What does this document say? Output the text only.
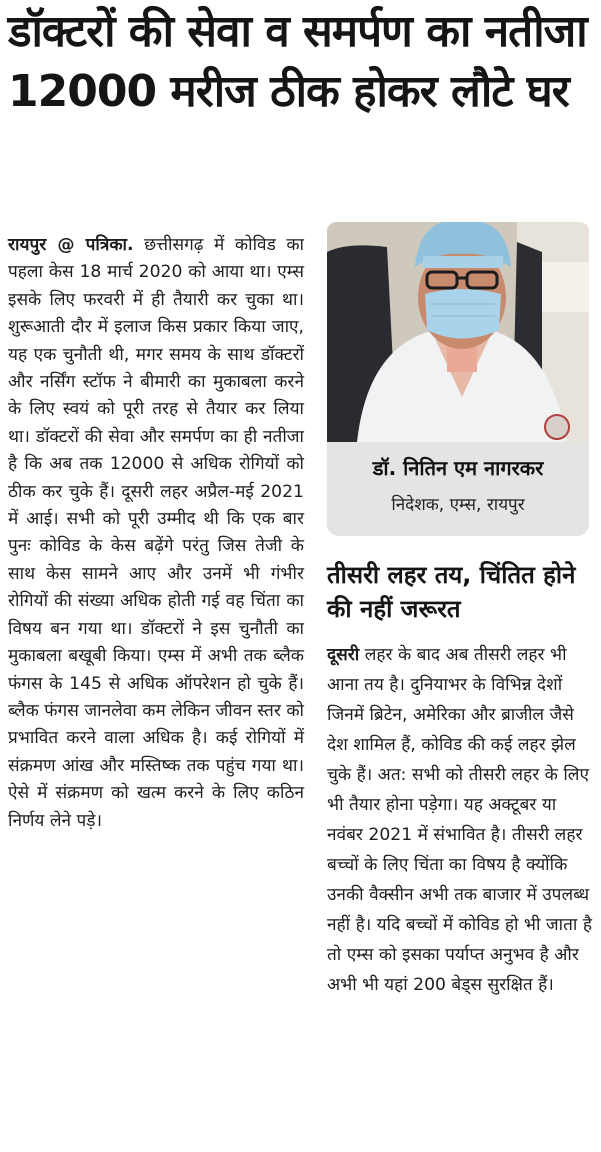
डॉक्टरों की सेवा व समर्पण का नतीजा 12000 मरीज ठीक होकर लौटे घर
रायपुर @ पत्रिका. छत्तीसगढ़ में कोविड का पहला केस 18 मार्च 2020 को आया था। एम्स इसके लिए फरवरी में ही तैयारी कर चुका था। शुरूआती दौर में इलाज किस प्रकार किया जाए, यह एक चुनौती थी, मगर समय के साथ डॉक्टरों और नर्सिंग स्टॉफ ने बीमारी का मुकाबला करने के लिए स्वयं को पूरी तरह से तैयार कर लिया था। डॉक्टरों की सेवा और समर्पण का ही नतीजा है कि अब तक 12000 से अधिक रोगियों को ठीक कर चुके हैं। दूसरी लहर अप्रैल-मई 2021 में आई। सभी को पूरी उम्मीद थी कि एक बार पुनः कोविड के केस बढ़ेंगे परंतु जिस तेजी के साथ केस सामने आए और उनमें भी गंभीर रोगियों की संख्या अधिक होती गई वह चिंता का विषय बन गया था। डॉक्टरों ने इस चुनौती का मुकाबला बखूबी किया। एम्स में अभी तक ब्लैक फंगस के 145 से अधिक ऑपरेशन हो चुके हैं। ब्लैक फंगस जानलेवा कम लेकिन जीवन स्तर को प्रभावित करने वाला अधिक है। कई रोगियों में संक्रमण आंख और मस्तिष्क तक पहुंच गया था। ऐसे में संक्रमण को खत्म करने के लिए कठिन निर्णय लेने पड़े।
डॉ. नितिन एम नागरकर
निदेशक, एम्स, रायपुर
तीसरी लहर तय, चिंतित होने की नहीं जरूरत
दूसरी लहर के बाद अब तीसरी लहर भी आना तय है। दुनियाभर के विभिन्न देशों जिनमें ब्रिटेन, अमेरिका और ब्राजील जैसे देश शामिल हैं, कोविड की कई लहर झेल चुके हैं। अत: सभी को तीसरी लहर के लिए भी तैयार होना पड़ेगा। यह अक्टूबर या नवंबर 2021 में संभावित है। तीसरी लहर बच्चों के लिए चिंता का विषय है क्योंकि उनकी वैक्सीन अभी तक बाजार में उपलब्ध नहीं है। यदि बच्चों में कोविड हो भी जाता है तो एम्स को इसका पर्याप्त अनुभव है और अभी भी यहां 200 बेड्स सुरक्षित हैं।
